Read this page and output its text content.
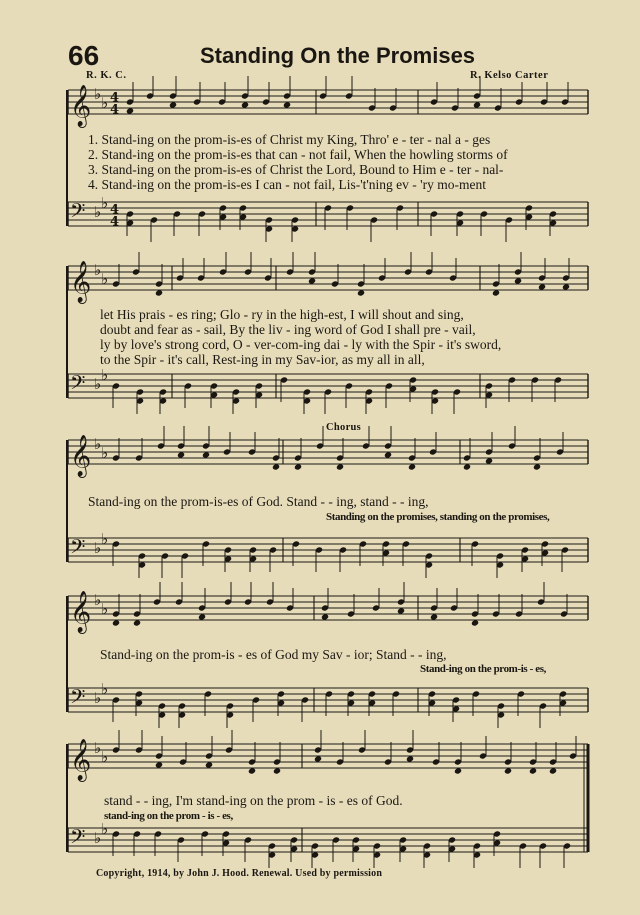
66	Standing On the Promises
R. K. C.	R. Kelso Carter
𝄞 ♭ ♭ 4
4
𝄢 ♭ ♭ 4
4
𝄞 ♭ ♭
𝄢 ♭ ♭
𝄞 ♭ ♭
𝄢 ♭ ♭
𝄞 ♭ ♭
𝄢 ♭ ♭
𝄞 ♭ ♭
𝄢 ♭ ♭
1. Stand-ing on the prom-is-es of Christ my King, Thro' e - ter - nal a - ges
2. Stand-ing on the prom-is-es that can - not fail, When the howling storms of
3. Stand-ing on the prom-is-es of Christ the Lord, Bound to Him e - ter - nal-
4. Stand-ing on the prom-is-es I can - not fail, Lis-'t'ning ev - 'ry mo-ment
let His prais - es ring; Glo - ry in the high-est, I will shout and sing,
doubt and fear as - sail, By the liv - ing word of God I shall pre - vail,
ly by love's strong cord, O - ver-com-ing dai - ly with the Spir - it's sword,
to the Spir - it's call, Rest-ing in my Sav-ior, as my all in all,
Chorus
Stand-ing on the prom-is-es of God. Stand - - ing, stand - - ing,
Standing on the promises, standing on the promises,
Stand-ing on the prom-is - es of God my Sav - ior; Stand - - ing,
Stand-ing on the prom-is - es,
stand - - ing, I'm stand-ing on the prom - is - es of God.
stand-ing on the prom - is - es,
Copyright, 1914, by John J. Hood. Renewal. Used by permission
